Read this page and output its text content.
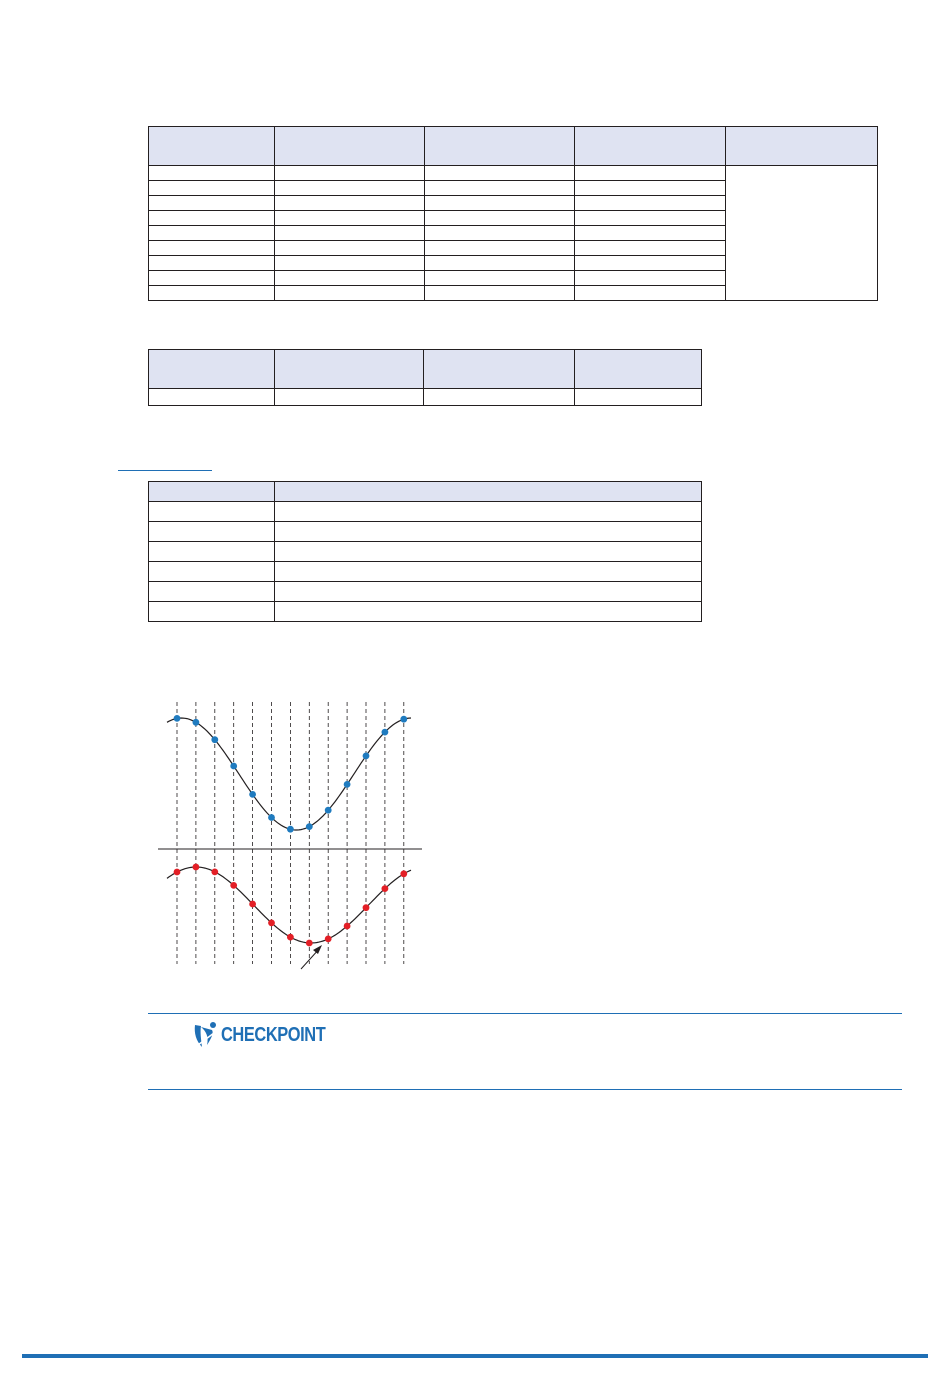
CHECKPOINT
